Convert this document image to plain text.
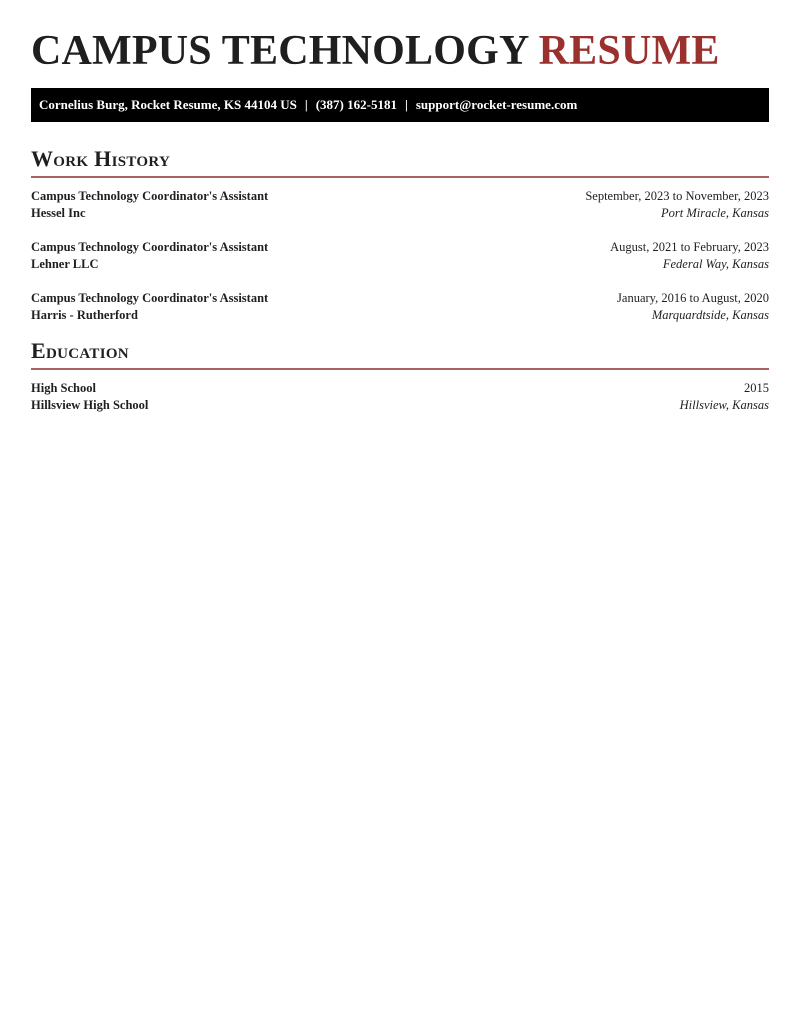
CAMPUS TECHNOLOGY RESUME
Cornelius Burg, Rocket Resume, KS 44104 US | (387) 162-5181 | support@rocket-resume.com
Work History
Campus Technology Coordinator's Assistant	September, 2023 to November, 2023
Hessel Inc	Port Miracle, Kansas
Campus Technology Coordinator's Assistant	August, 2021 to February, 2023
Lehner LLC	Federal Way, Kansas
Campus Technology Coordinator's Assistant	January, 2016 to August, 2020
Harris - Rutherford	Marquardtside, Kansas
Education
High School	2015
Hillsview High School	Hillsview, Kansas
